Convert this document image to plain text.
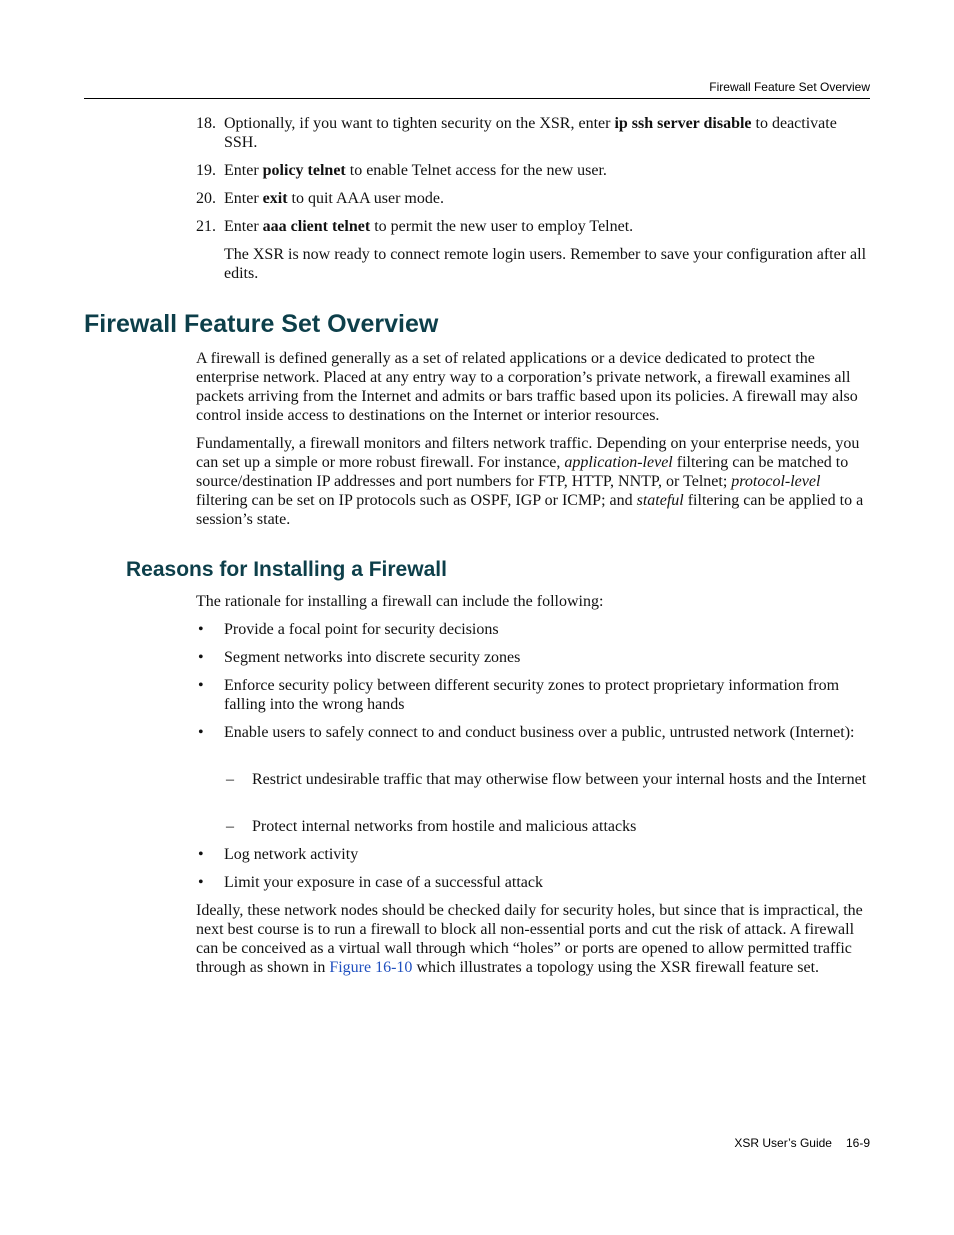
Firewall Feature Set Overview
18. Optionally, if you want to tighten security on the XSR, enter ip ssh server disable to deactivate SSH.
19. Enter policy telnet to enable Telnet access for the new user.
20. Enter exit to quit AAA user mode.
21. Enter aaa client telnet to permit the new user to employ Telnet.
The XSR is now ready to connect remote login users. Remember to save your configuration after all edits.
Firewall Feature Set Overview
A firewall is defined generally as a set of related applications or a device dedicated to protect the enterprise network. Placed at any entry way to a corporation’s private network, a firewall examines all packets arriving from the Internet and admits or bars traffic based upon its policies. A firewall may also control inside access to destinations on the Internet or interior resources.
Fundamentally, a firewall monitors and filters network traffic. Depending on your enterprise needs, you can set up a simple or more robust firewall. For instance, application-level filtering can be matched to source/destination IP addresses and port numbers for FTP, HTTP, NNTP, or Telnet; protocol-level filtering can be set on IP protocols such as OSPF, IGP or ICMP; and stateful filtering can be applied to a session’s state.
Reasons for Installing a Firewall
The rationale for installing a firewall can include the following:
• Provide a focal point for security decisions
• Segment networks into discrete security zones
• Enforce security policy between different security zones to protect proprietary information from falling into the wrong hands
• Enable users to safely connect to and conduct business over a public, untrusted network (Internet):
– Restrict undesirable traffic that may otherwise flow between your internal hosts and the Internet
– Protect internal networks from hostile and malicious attacks
• Log network activity
• Limit your exposure in case of a successful attack
Ideally, these network nodes should be checked daily for security holes, but since that is impractical, the next best course is to run a firewall to block all non-essential ports and cut the risk of attack. A firewall can be conceived as a virtual wall through which “holes” or ports are opened to allow permitted traffic through as shown in Figure 16-10 which illustrates a topology using the XSR firewall feature set.
XSR User’s Guide 16-9
